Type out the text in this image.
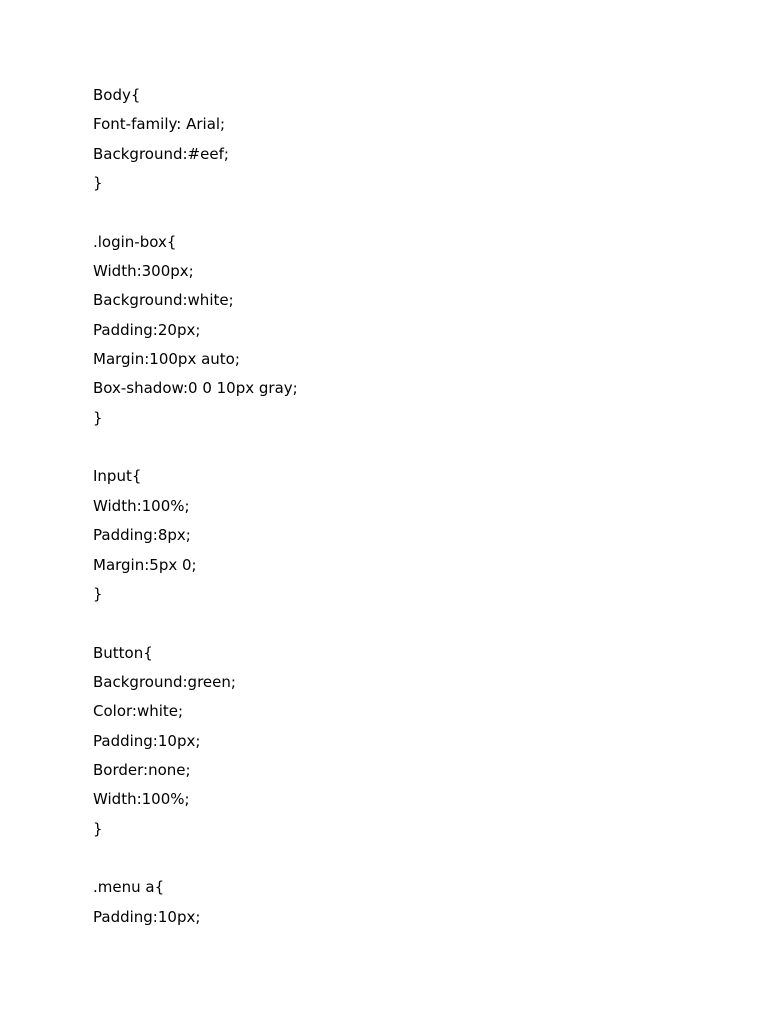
Body{
Font-family: Arial;
Background:#eef;
}
.login-box{
Width:300px;
Background:white;
Padding:20px;
Margin:100px auto;
Box-shadow:0 0 10px gray;
}
Input{
Width:100%;
Padding:8px;
Margin:5px 0;
}
Button{
Background:green;
Color:white;
Padding:10px;
Border:none;
Width:100%;
}
.menu a{
Padding:10px;
